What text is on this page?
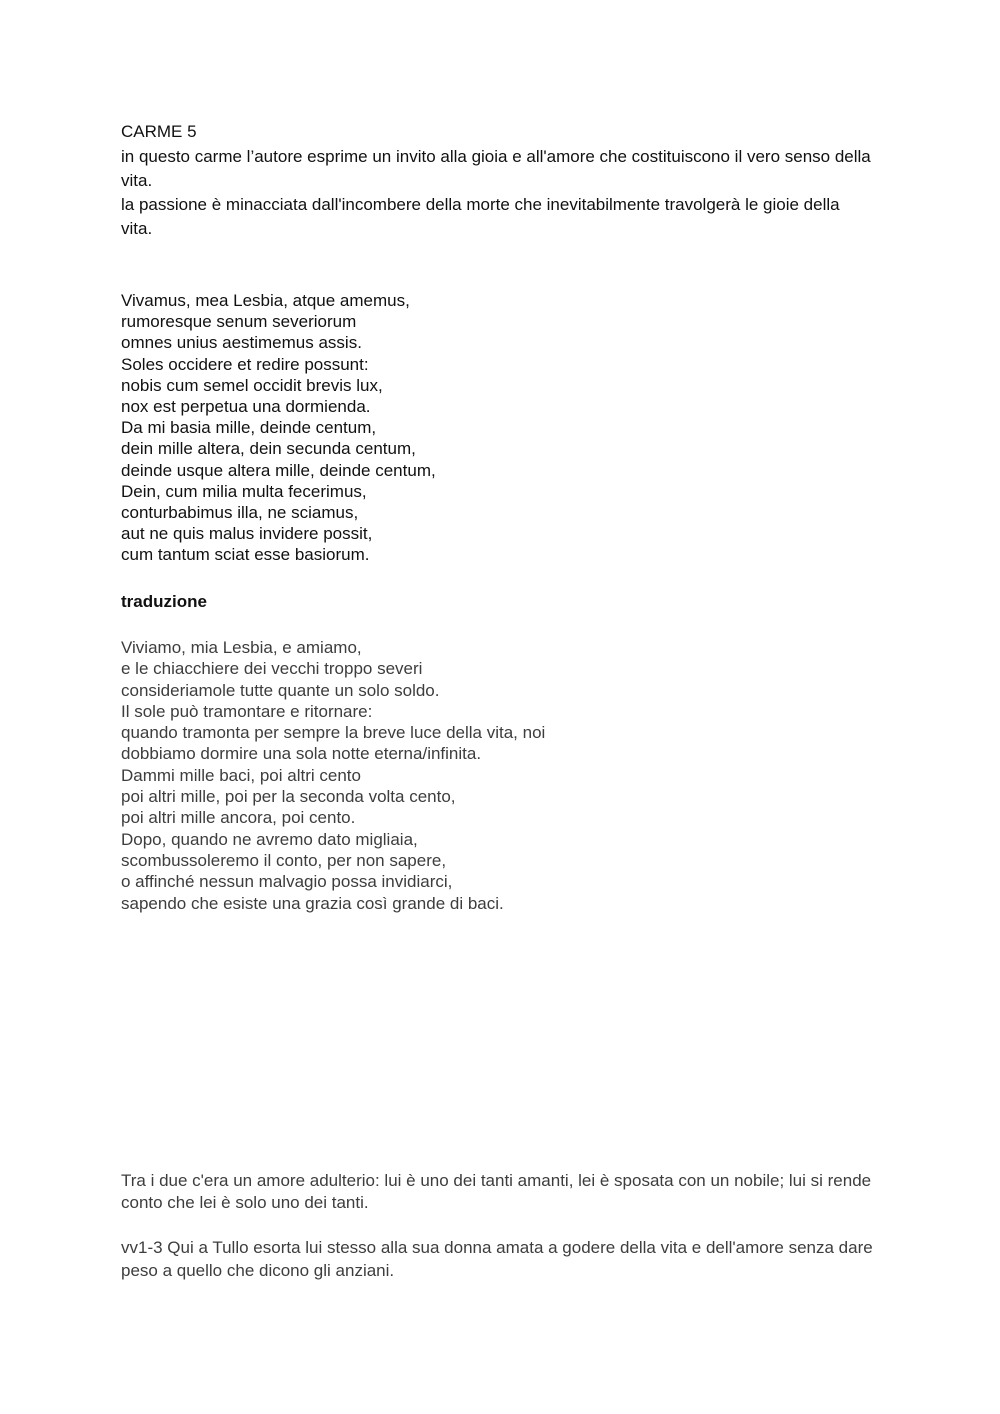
CARME 5

in questo carme l’autore esprime un invito alla gioia e all'amore che costituiscono il vero senso della vita.

la passione è minacciata dall'incombere della morte che inevitabilmente travolgerà le gioie della vita.

Vivamus, mea Lesbia, atque amemus,
rumoresque senum severiorum
omnes unius aestimemus assis.
Soles occidere et redire possunt:
nobis cum semel occidit brevis lux,
nox est perpetua una dormienda.
Da mi basia mille, deinde centum,
dein mille altera, dein secunda centum,
deinde usque altera mille, deinde centum,
Dein, cum milia multa fecerimus,
conturbabimus illa, ne sciamus,
aut ne quis malus invidere possit,
cum tantum sciat esse basiorum.
traduzione
Viviamo, mia Lesbia, e amiamo,
e le chiacchiere dei vecchi troppo severi
consideriamole tutte quante un solo soldo.
Il sole può tramontare e ritornare:
quando tramonta per sempre la breve luce della vita, noi
dobbiamo dormire una sola notte eterna/infinita.
Dammi mille baci, poi altri cento
poi altri mille, poi per la seconda volta cento,
poi altri mille ancora, poi cento.
Dopo, quando ne avremo dato migliaia,
scombussoleremo il conto, per non sapere,
o affinché nessun malvagio possa invidiarci,
sapendo che esiste una grazia così grande di baci.

Tra i due c'era un amore adulterio: lui è uno dei tanti amanti, lei è sposata con un nobile; lui si rende conto che lei è solo uno dei tanti.

vv1-3 Qui a Tullo esorta lui stesso alla sua donna amata a godere della vita e dell'amore senza dare peso a quello che dicono gli anziani.
